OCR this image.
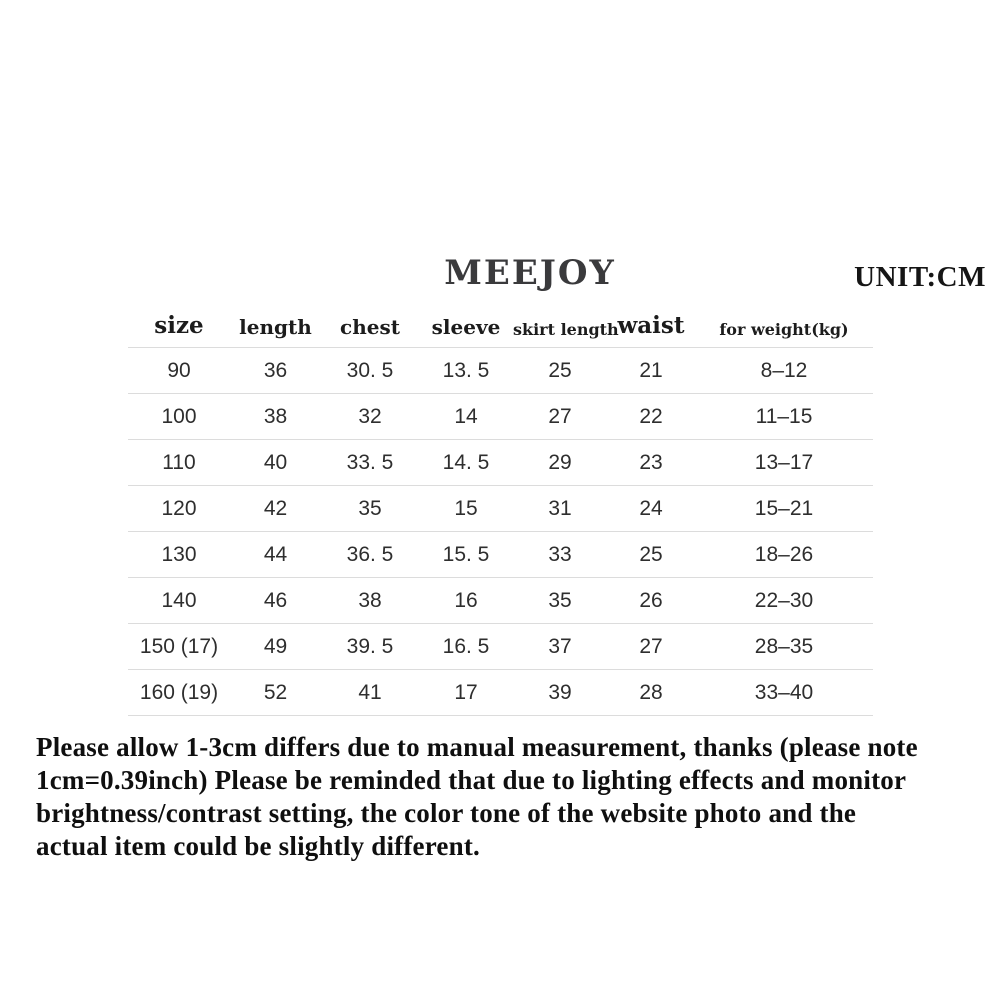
MEEJOY	UNIT:CM
size	length	chest	sleeve	skirt length	waist	for weight(kg)
90	36	30. 5	13. 5	25	21	8–12
100	38	32	14	27	22	11–15
110	40	33. 5	14. 5	29	23	13–17
120	42	35	15	31	24	15–21
130	44	36. 5	15. 5	33	25	18–26
140	46	38	16	35	26	22–30
150 (17)	49	39. 5	16. 5	37	27	28–35
160 (19)	52	41	17	39	28	33–40
Please allow 1-3cm differs due to manual measurement, thanks (please note
1cm=0.39inch) Please be reminded that due to lighting effects and monitor
brightness/contrast setting, the color tone of the website photo and the
actual item could be slightly different.
